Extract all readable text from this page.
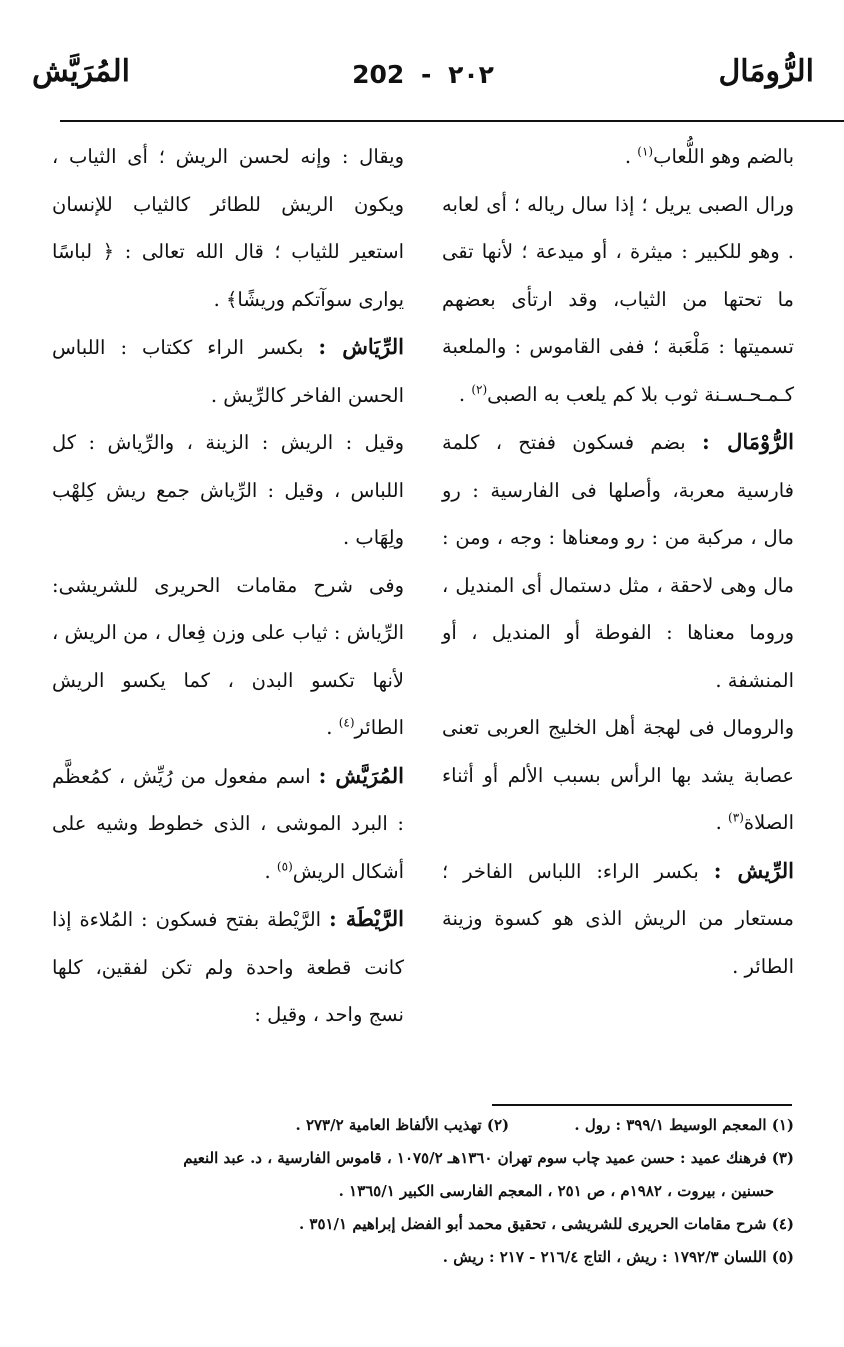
الرُّومَال
202 - ٢٠٢
المُرَيَّش

بالضم وهو اللُّعاب$^{(١)}$ .

ورال الصبى يريل ؛ إذا سال رياله ؛ أى لعابه . وهو للكبير : ميثرة ، أو ميدعة ؛ لأنها تقى ما تحتها من الثياب، وقد ارتأى بعضهم تسميتها : مَلْعَبة ؛ ففى القاموس : والملعبة كـمـحـسـنة ثوب بلا كم يلعب به الصبى$^{(٢)}$ .

الرُّوْمَال : بضم فسكون ففتح ، كلمة فارسية معربة، وأصلها فى الفارسية : رو مال ، مركبة من : رو ومعناها : وجه ، ومن : مال وهى لاحقة ، مثل دستمال أى المنديل ، وروما معناها : الفوطة أو المنديل ، أو المنشفة .

والرومال فى لهجة أهل الخليج العربى تعنى عصابة يشد بها الرأس بسبب الألم أو أثناء الصلاة$^{(٣)}$ .

الرِّيش : بكسر الراء: اللباس الفاخر ؛ مستعار من الريش الذى هو كسوة وزينة الطائر .

ويقال : وإنه لحسن الريش ؛ أى الثياب ، ويكون الريش للطائر كالثياب للإنسان استعير للثياب ؛ قال الله تعالى : ﴿ لباسًا يوارى سوآتكم وريشًا﴾ .

الرِّيَاش : بكسر الراء ككتاب : اللباس الحسن الفاخر كالرِّيش .

وقيل : الريش : الزينة ، والرِّياش : كل اللباس ، وقيل : الرِّياش جمع ريش كِلهْب ولِهَاب .

وفى شرح مقامات الحريرى للشريشى: الرِّياش : ثياب على وزن فِعال ، من الريش ، لأنها تكسو البدن ، كما يكسو الريش الطائر$^{(٤)}$ .

المُرَيَّش : اسم مفعول من رُيِّش ، كمُعظَّم : البرد الموشى ، الذى خطوط وشيه على أشكال الريش$^{(٥)}$ .

الرَّيْطَة : الرَّيْطة بفتح فسكون : المُلاءة إذا كانت قطعة واحدة ولم تكن لفقين، كلها نسج واحد ، وقيل :

(١) المعجم الوسيط ٣٩٩/١ : رول . (٢) تهذيب الألفاظ العامية ٢٧٣/٢ .

(٣) فرهنك عميد : حسن عميد چاب سوم تهران ١٣٦٠هـ ١٠٧٥/٢ ، قاموس الفارسية ، د. عبد النعيم

حسنين ، بيروت ، ١٩٨٢م ، ص ٢٥١ ، المعجم الفارسى الكبير ١٣٦٥/١ .

(٤) شرح مقامات الحريرى للشريشى ، تحقيق محمد أبو الفضل إبراهيم ٣٥١/١ .

(٥) اللسان ١٧٩٢/٣ : ريش ، التاج ٢١٦/٤ - ٢١٧ : ريش .
